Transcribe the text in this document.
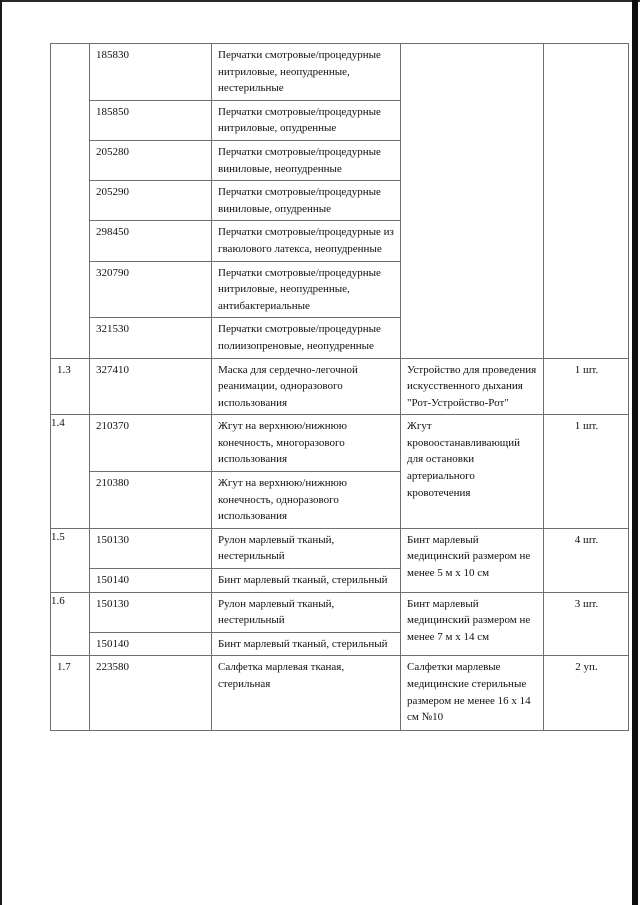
	185830	Перчатки смотровые/процедурные нитриловые, неопудренные, нестерильные		
	185850	Перчатки смотровые/процедурные нитриловые, опудренные		
	205280	Перчатки смотровые/процедурные виниловые, неопудренные		
	205290	Перчатки смотровые/процедурные виниловые, опудренные		
	298450	Перчатки смотровые/процедурные из гваюлового латекса, неопудренные		
	320790	Перчатки смотровые/процедурные нитриловые, неопудренные, антибактериальные		
	321530	Перчатки смотровые/процедурные полиизопреновые, неопудренные		
1.3	327410	Маска для сердечно-легочной реанимации, одноразового использования	Устройство для проведения искусственного дыхания "Рот-Устройство-Рот"	1 шт.
1.4	210370	Жгут на верхнюю/нижнюю конечность, многоразового использования	Жгут кровоостанавливающий для остановки артериального кровотечения	1 шт.
	210380	Жгут на верхнюю/нижнюю конечность, одноразового использования		
1.5	150130	Рулон марлевый тканый, нестерильный	Бинт марлевый медицинский размером не менее 5 м х 10 см	4 шт.
	150140	Бинт марлевый тканый, стерильный		
1.6	150130	Рулон марлевый тканый, нестерильный	Бинт марлевый медицинский размером не менее 7 м х 14 см	3 шт.
	150140	Бинт марлевый тканый, стерильный		
1.7	223580	Салфетка марлевая тканая, стерильная	Салфетки марлевые медицинские стерильные размером не менее 16 х 14 см №10	2 уп.
